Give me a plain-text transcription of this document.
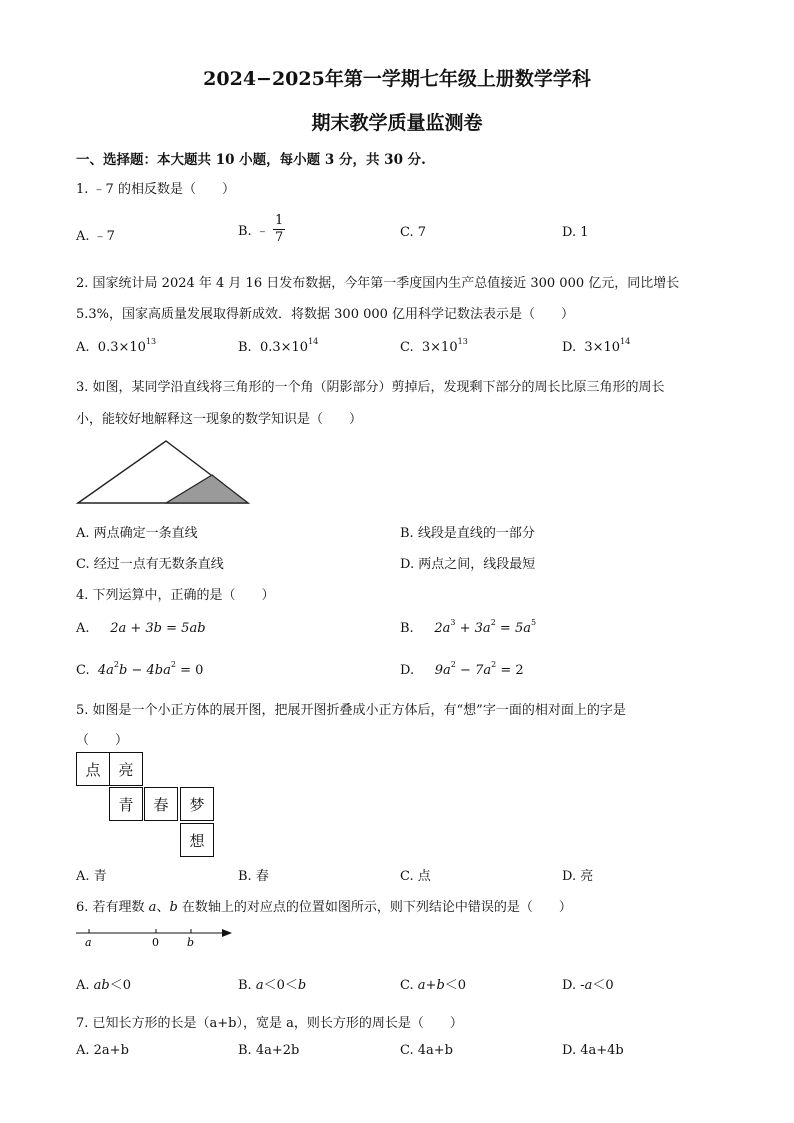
2024−2025年第一学期七年级上册数学学科
期末教学质量监测卷
一、选择题：本大题共 10 小题，每小题 3 分，共 30 分.
1. ﹣7 的相反数是（　　）
A. ﹣7	B. ﹣ $\frac{1}{7}$	C. 7	D. 1
2. 国家统计局 2024 年 4 月 16 日发布数据，今年第一季度国内生产总值接近 300 000 亿元，同比增长
5.3%，国家高质量发展取得新成效．将数据 300 000 亿用科学记数法表示是（　　）
A. $0.3\times 10^{13}$	B. $0.3\times 10^{14}$	C. $3\times 10^{13}$	D. $3\times 10^{14}$
3. 如图，某同学沿直线将三角形的一个角（阴影部分）剪掉后，发现剩下部分的周长比原三角形的周长
小，能较好地解释这一现象的数学知识是（　　）
A. 两点确定一条直线	B. 线段是直线的一部分
C. 经过一点有无数条直线	D. 两点之间，线段最短
4. 下列运算中，正确的是（　　）
A. 2a + 3b = 5ab	B. $2a^3 + 3a^2 = 5a^5$
C. $4a^2b - 4ba^2 = 0$	D. $9a^2 - 7a^2 = 2$
5. 如图是一个小正方体的展开图，把展开图折叠成小正方体后，有“想”字一面的相对面上的字是
（　　）
点	亮
青	春	梦
想
A. 青	B. 春	C. 点	D. 亮
6. 若有理数 a、b 在数轴上的对应点的位置如图所示，则下列结论中错误的是（　　）
a	0	b
A. ab＜0	B. a＜0＜b	C. a+b＜0	D. -a＜0
7. 已知长方形的长是（a+b），宽是 a，则长方形的周长是（　　）
A. 2a+b	B. 4a+2b	C. 4a+b	D. 4a+4b
